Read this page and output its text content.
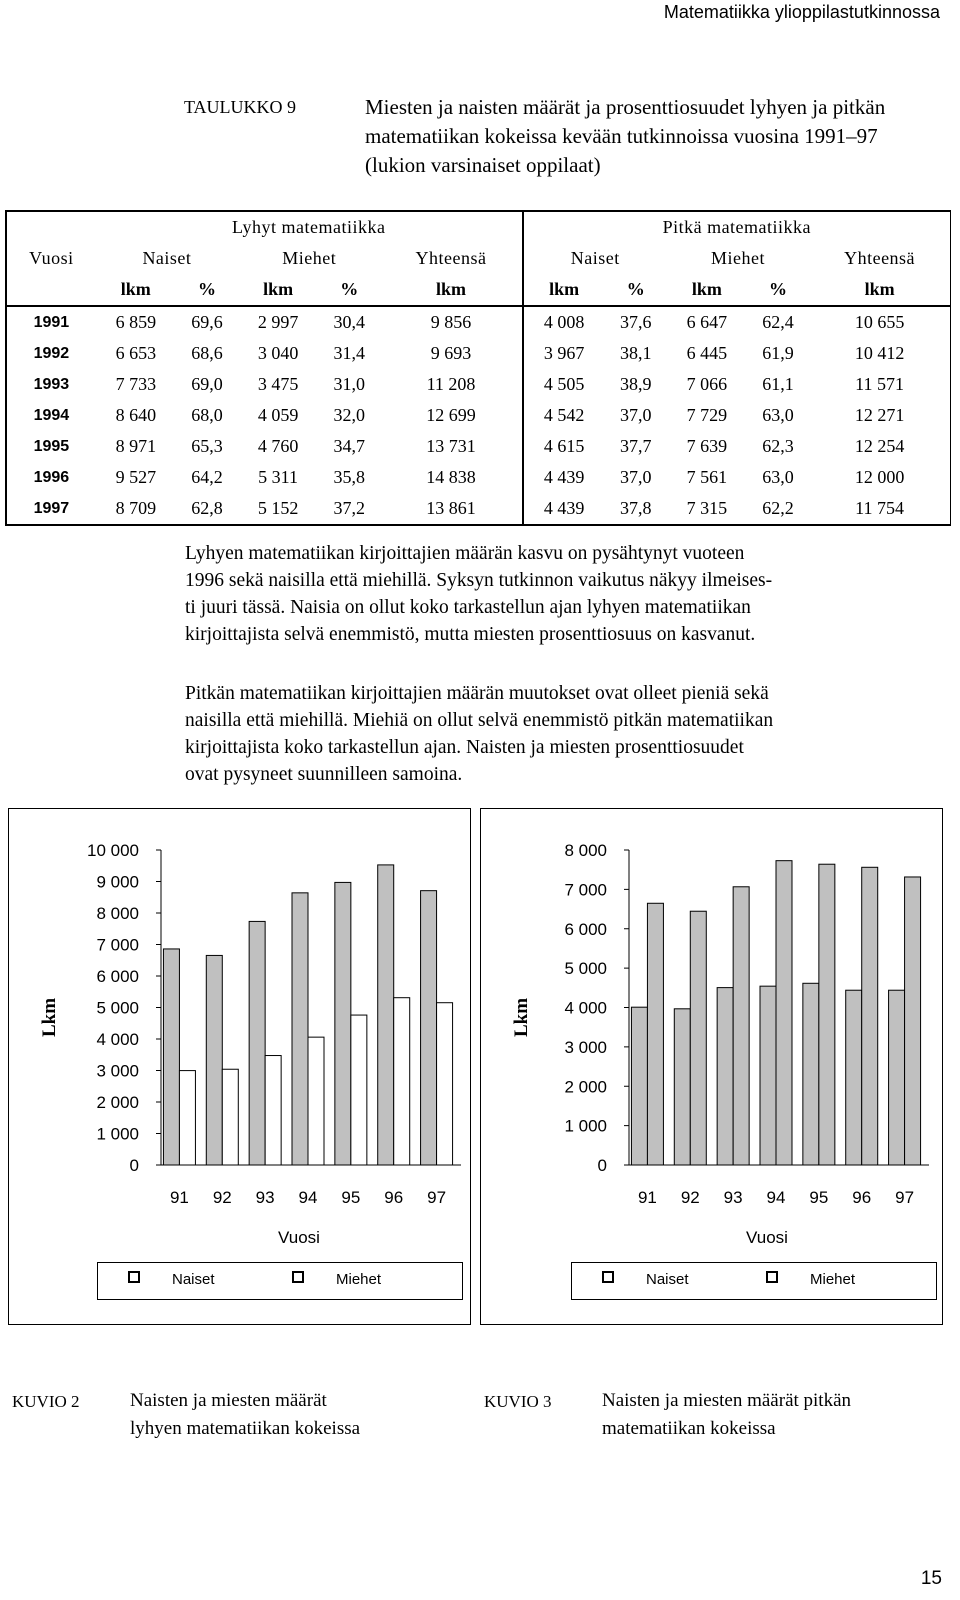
Matematiikka ylioppilastutkinnossa
TAULUKKO 9	Miesten ja naisten määrät ja prosenttiosuudet lyhyen ja pitkän matematiikan kokeissa kevään tutkinnoissa vuosina 1991–97 (lukion varsinaiset oppilaat)
	Lyhyt matematiikka					Pitkä matematiikka				
Vuosi	Naiset		Miehet		Yhteensä	Naiset		Miehet		Yhteensä
	lkm	%	lkm	%	lkm	lkm	%	lkm	%	lkm
1991	6 859	69,6	2 997	30,4	9 856	4 008	37,6	6 647	62,4	10 655
1992	6 653	68,6	3 040	31,4	9 693	3 967	38,1	6 445	61,9	10 412
1993	7 733	69,0	3 475	31,0	11 208	4 505	38,9	7 066	61,1	11 571
1994	8 640	68,0	4 059	32,0	12 699	4 542	37,0	7 729	63,0	12 271
1995	8 971	65,3	4 760	34,7	13 731	4 615	37,7	7 639	62,3	12 254
1996	9 527	64,2	5 311	35,8	14 838	4 439	37,0	7 561	63,0	12 000
1997	8 709	62,8	5 152	37,2	13 861	4 439	37,8	7 315	62,2	11 754
Lyhyen matematiikan kirjoittajien määrän kasvu on pysähtynyt vuoteen
1996 sekä naisilla että miehillä. Syksyn tutkinnon vaikutus näkyy ilmeises-
ti juuri tässä. Naisia on ollut koko tarkastellun ajan lyhyen matematiikan
kirjoittajista selvä enemmistö, mutta miesten prosenttiosuus on kasvanut.
Pitkän matematiikan kirjoittajien määrän muutokset ovat olleet pieniä sekä
naisilla että miehillä. Miehiä on ollut selvä enemmistö pitkän matematiikan
kirjoittajista koko tarkastellun ajan. Naisten ja miesten prosenttiosuudet
ovat pysyneet suunnilleen samoina.
0
1 000
2 000
3 000
4 000
5 000
6 000
7 000
8 000
9 000
10 000
91 92 93 94 95 96 97
Vuosi
Lkm
Naiset	Miehet
0
1 000
2 000
3 000
4 000
5 000
6 000
7 000
8 000
91 92 93 94 95 96 97
Vuosi
Lkm
Naiset	Miehet
KUVIO 2	Naisten ja miesten määrät
lyhyen matematiikan kokeissa
KUVIO 3	Naisten ja miesten määrät pitkän
matematiikan kokeissa
15
